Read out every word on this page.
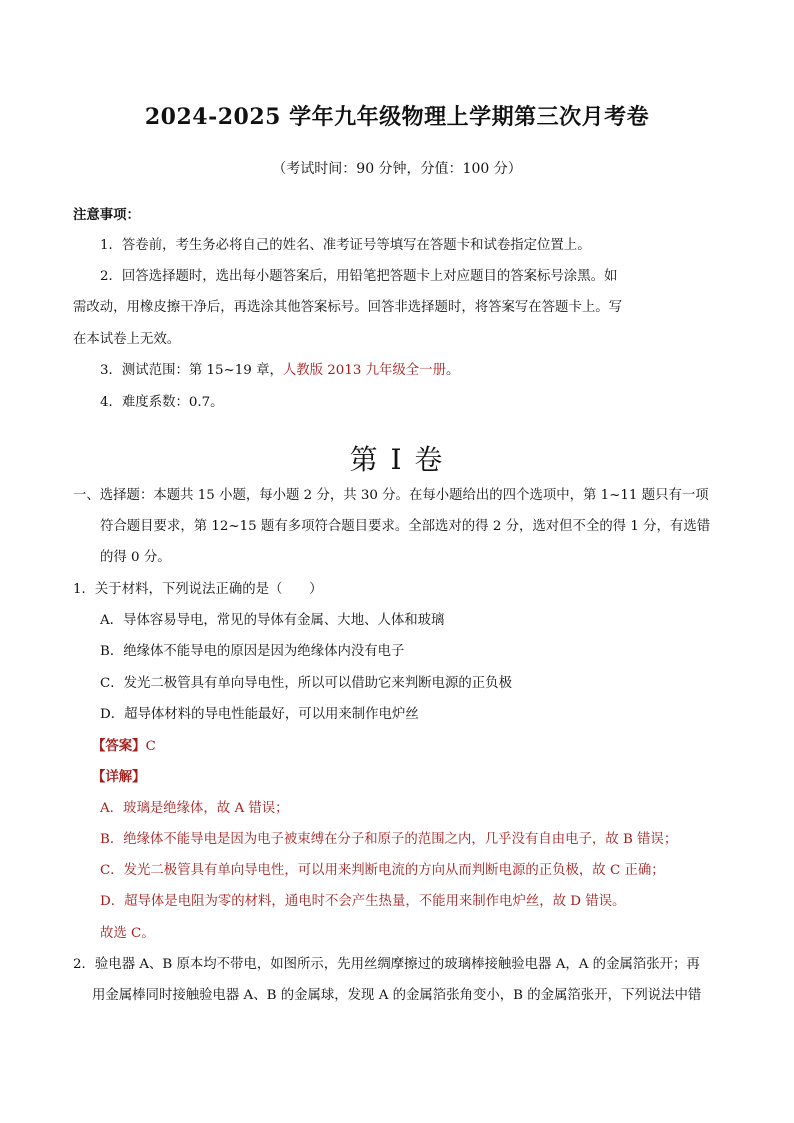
2024-2025 学年九年级物理上学期第三次月考卷
（考试时间：90 分钟，分值：100 分）
注意事项：
1．答卷前，考生务必将自己的姓名、准考证号等填写在答题卡和试卷指定位置上。
2．回答选择题时，选出每小题答案后，用铅笔把答题卡上对应题目的答案标号涂黑。如
需改动，用橡皮擦干净后，再选涂其他答案标号。回答非选择题时，将答案写在答题卡上。写
在本试卷上无效。
3．测试范围：第 15~19 章，人教版 2013 九年级全一册。
4．难度系数：0.7。
第 I 卷
一、选择题：本题共 15 小题，每小题 2 分，共 30 分。在每小题给出的四个选项中，第 1~11 题只有一项
符合题目要求，第 12~15 题有多项符合题目要求。全部选对的得 2 分，选对但不全的得 1 分，有选错
的得 0 分。
1．关于材料，下列说法正确的是（　　）
A．导体容易导电，常见的导体有金属、大地、人体和玻璃
B．绝缘体不能导电的原因是因为绝缘体内没有电子
C．发光二极管具有单向导电性，所以可以借助它来判断电源的正负极
D．超导体材料的导电性能最好，可以用来制作电炉丝
【答案】C
【详解】
A．玻璃是绝缘体，故 A 错误；
B．绝缘体不能导电是因为电子被束缚在分子和原子的范围之内，几乎没有自由电子，故 B 错误；
C．发光二极管具有单向导电性，可以用来判断电流的方向从而判断电源的正负极，故 C 正确；
D．超导体是电阻为零的材料，通电时不会产生热量，不能用来制作电炉丝，故 D 错误。
故选 C。
2．验电器 A、B 原本均不带电，如图所示，先用丝绸摩擦过的玻璃棒接触验电器 A，A 的金属箔张开；再
用金属棒同时接触验电器 A、B 的金属球，发现 A 的金属箔张角变小，B 的金属箔张开，下列说法中错
